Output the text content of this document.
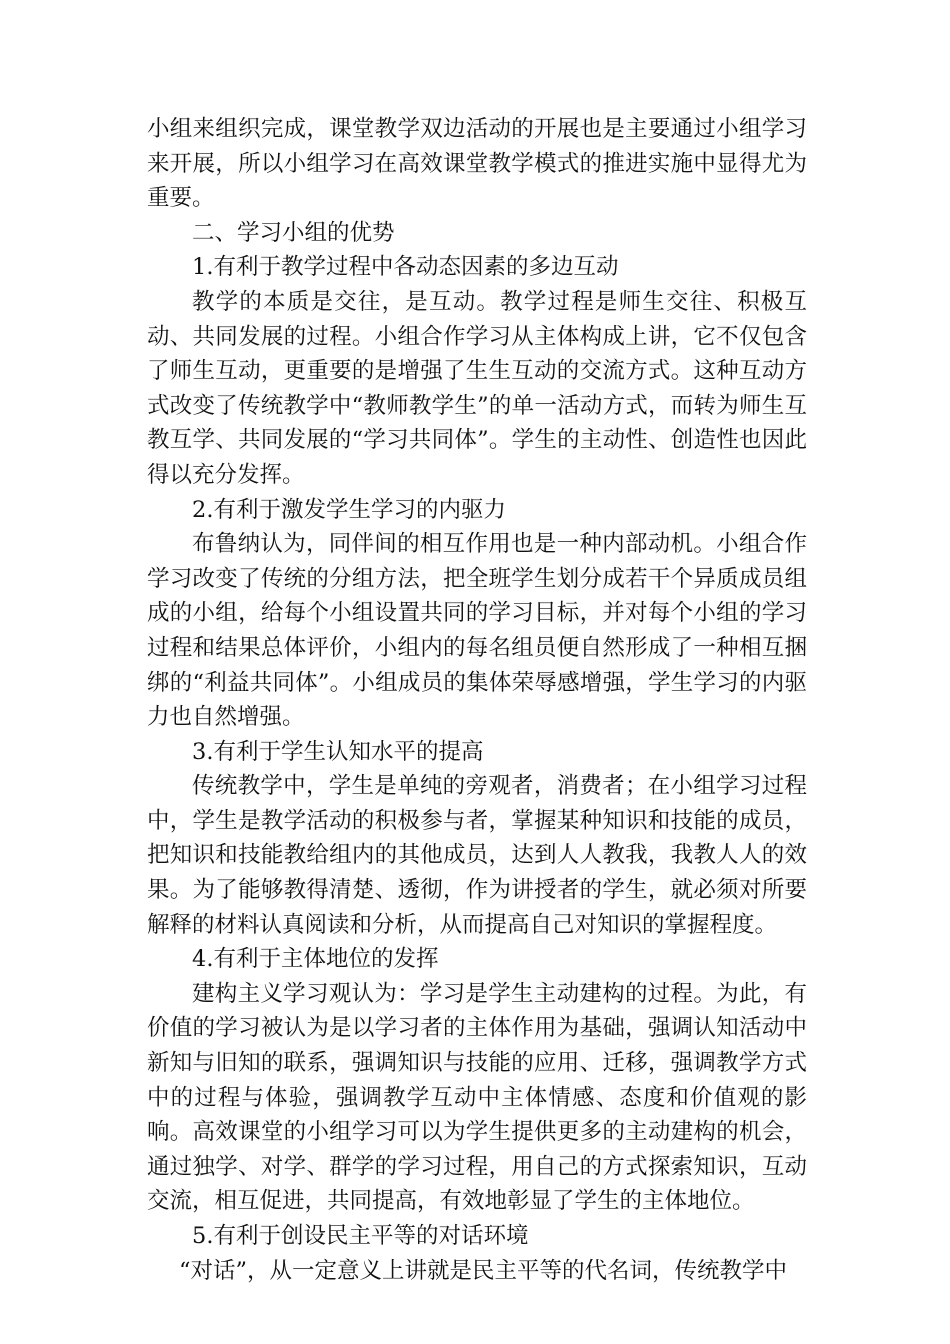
小组来组织完成，课堂教学双边活动的开展也是主要通过小组学习来开展，所以小组学习在高效课堂教学模式的推进实施中显得尤为重要。

二、学习小组的优势

1.有利于教学过程中各动态因素的多边互动

教学的本质是交往，是互动。教学过程是师生交往、积极互动、共同发展的过程。小组合作学习从主体构成上讲，它不仅包含了师生互动，更重要的是增强了生生互动的交流方式。这种互动方式改变了传统教学中“教师教学生”的单一活动方式，而转为师生互教互学、共同发展的“学习共同体”。学生的主动性、创造性也因此得以充分发挥。

2.有利于激发学生学习的内驱力

布鲁纳认为，同伴间的相互作用也是一种内部动机。小组合作学习改变了传统的分组方法，把全班学生划分成若干个异质成员组成的小组，给每个小组设置共同的学习目标，并对每个小组的学习过程和结果总体评价，小组内的每名组员便自然形成了一种相互捆绑的“利益共同体”。小组成员的集体荣辱感增强，学生学习的内驱力也自然增强。

3.有利于学生认知水平的提高

传统教学中，学生是单纯的旁观者，消费者；在小组学习过程中，学生是教学活动的积极参与者，掌握某种知识和技能的成员，把知识和技能教给组内的其他成员，达到人人教我，我教人人的效果。为了能够教得清楚、透彻，作为讲授者的学生，就必须对所要解释的材料认真阅读和分析，从而提高自己对知识的掌握程度。

4.有利于主体地位的发挥

建构主义学习观认为：学习是学生主动建构的过程。为此，有价值的学习被认为是以学习者的主体作用为基础，强调认知活动中新知与旧知的联系，强调知识与技能的应用、迁移，强调教学方式中的过程与体验，强调教学互动中主体情感、态度和价值观的影响。高效课堂的小组学习可以为学生提供更多的主动建构的机会，通过独学、对学、群学的学习过程，用自己的方式探索知识，互动交流，相互促进，共同提高，有效地彰显了学生的主体地位。

5.有利于创设民主平等的对话环境

“对话”，从一定意义上讲就是民主平等的代名词，传统教学中
